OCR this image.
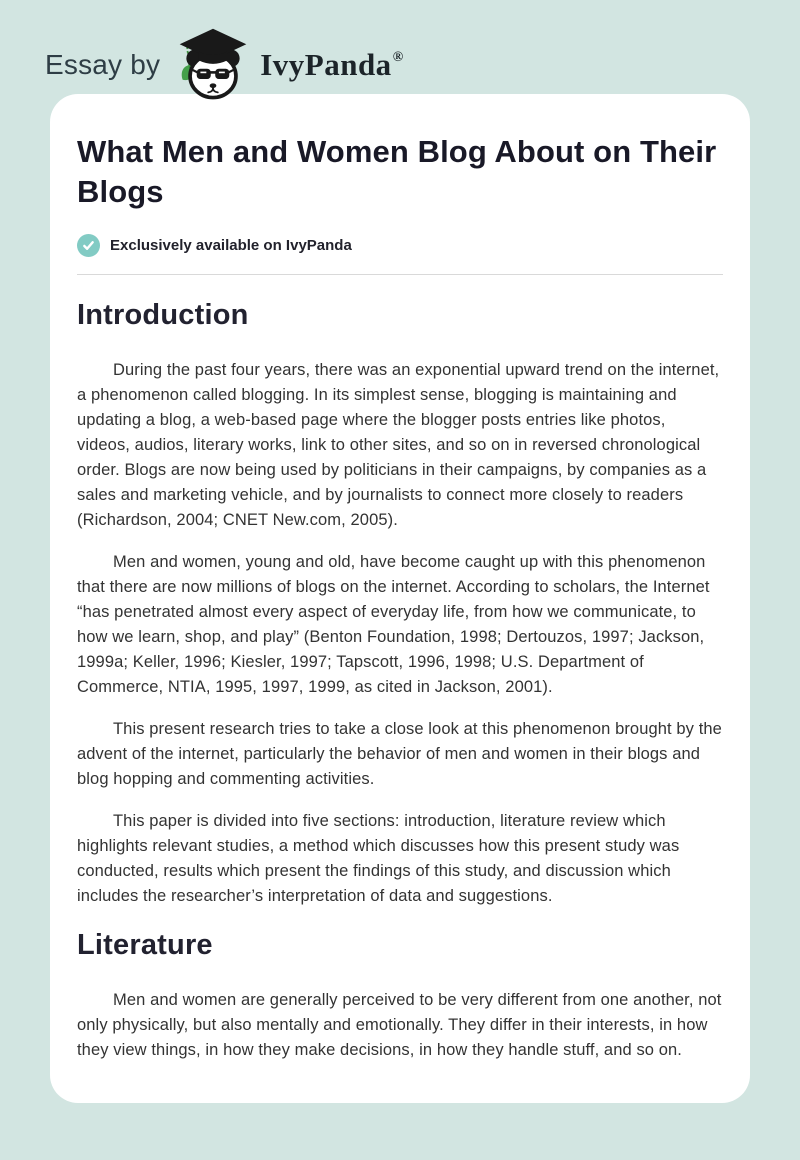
Essay by	IvyPanda®
What Men and Women Blog About on Their Blogs
Exclusively available on IvyPanda
Introduction

During the past four years, there was an exponential upward trend on the internet, a phenomenon called blogging. In its simplest sense, blogging is maintaining and updating a blog, a web-based page where the blogger posts entries like photos, videos, audios, literary works, link to other sites, and so on in reversed chronological order. Blogs are now being used by politicians in their campaigns, by companies as a sales and marketing vehicle, and by journalists to connect more closely to readers (Richardson, 2004; CNET New.com, 2005).

Men and women, young and old, have become caught up with this phenomenon that there are now millions of blogs on the internet. According to scholars, the Internet “has penetrated almost every aspect of everyday life, from how we communicate, to how we learn, shop, and play” (Benton Foundation, 1998; Dertouzos, 1997; Jackson, 1999a; Keller, 1996; Kiesler, 1997; Tapscott, 1996, 1998; U.S. Department of Commerce, NTIA, 1995, 1997, 1999, as cited in Jackson, 2001).

This present research tries to take a close look at this phenomenon brought by the advent of the internet, particularly the behavior of men and women in their blogs and blog hopping and commenting activities.

This paper is divided into five sections: introduction, literature review which highlights relevant studies, a method which discusses how this present study was conducted, results which present the findings of this study, and discussion which includes the researcher’s interpretation of data and suggestions.

Literature

Men and women are generally perceived to be very different from one another, not only physically, but also mentally and emotionally. They differ in their interests, in how they view things, in how they make decisions, in how they handle stuff, and so on.
